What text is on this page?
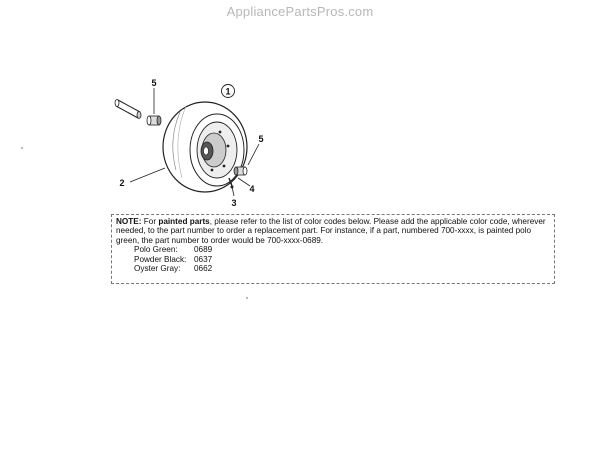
AppliancePartsPros.com
1
2
3
4
5
5
NOTE: For painted parts, please refer to the list of color codes below. Please add the applicable color code, wherever needed, to the part number to order a replacement part. For instance, if a part, numbered 700-xxxx, is painted polo green, the part number to order would be 700-xxxx-0689.
Polo Green:	0689
Powder Black: 0637
Oyster Gray:	0662
